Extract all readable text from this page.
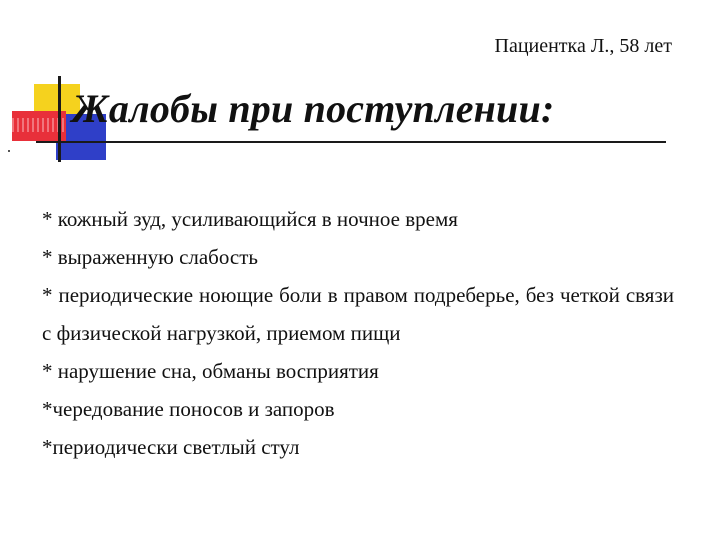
Пациентка Л., 58 лет
Жалобы при поступлении:
* кожный зуд, усиливающийся в ночное время
* выраженную слабость
* периодические ноющие боли в правом подреберье, без четкой связи с физической нагрузкой, приемом пищи
* нарушение сна, обманы восприятия
*чередование поносов и запоров
*периодически светлый стул
